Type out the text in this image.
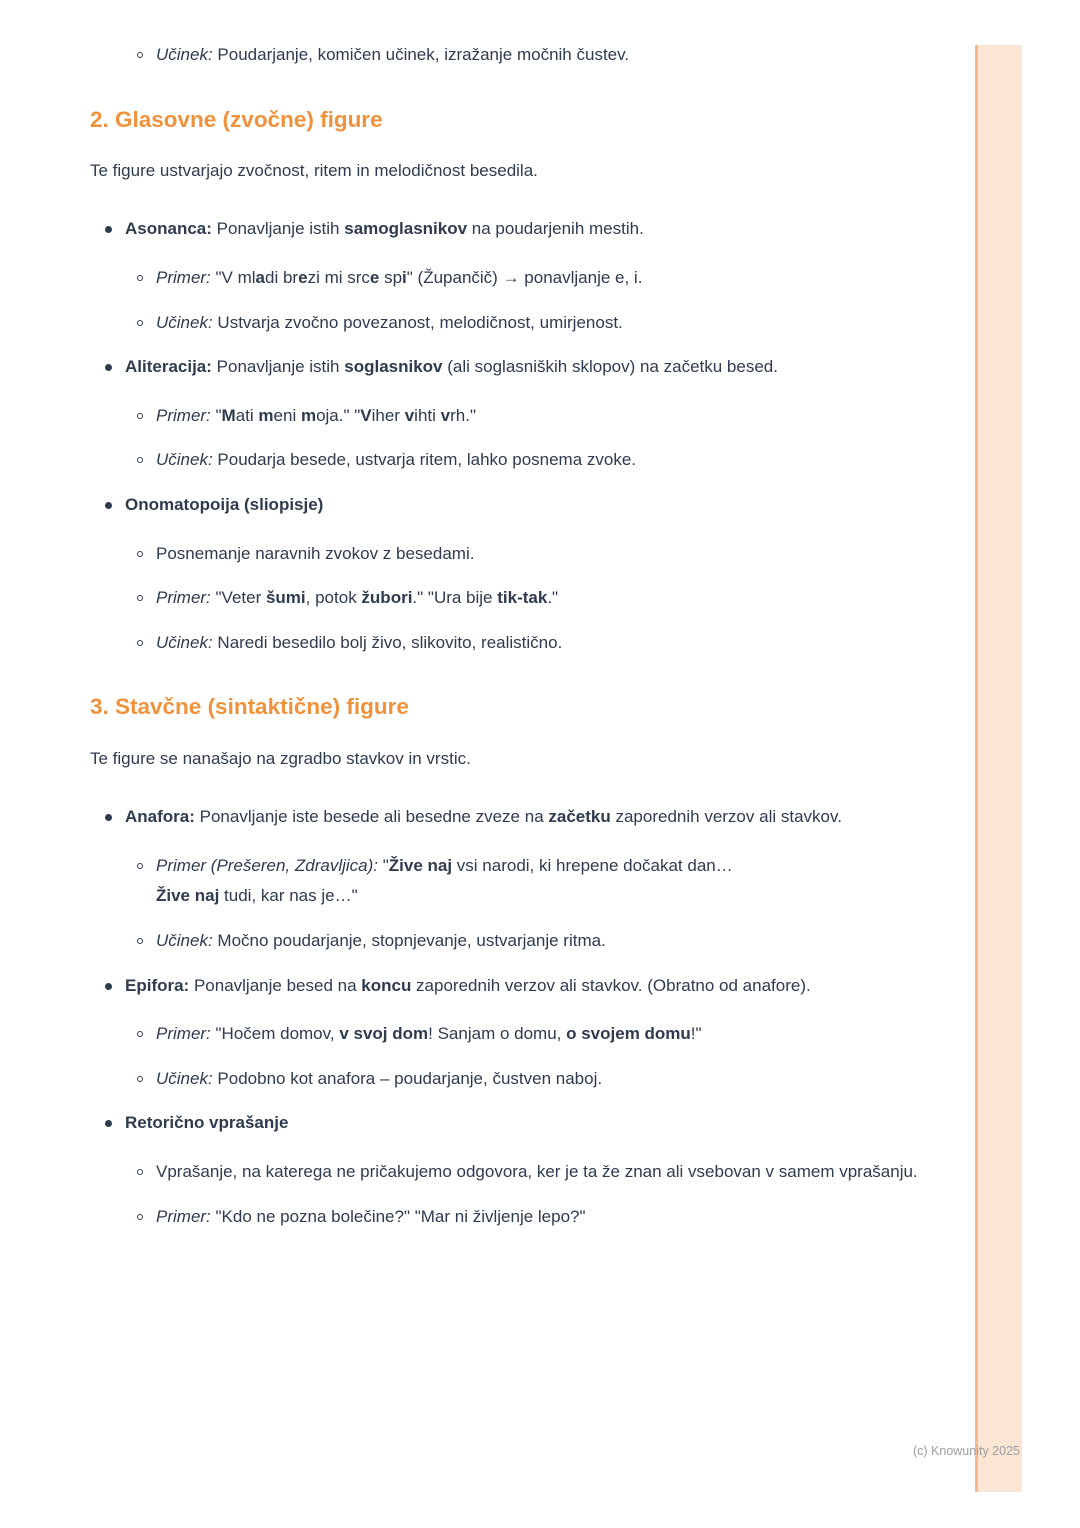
Učinek: Poudarjanje, komičen učinek, izražanje močnih čustev.
2. Glasovne (zvočne) figure

Te figure ustvarjajo zvočnost, ritem in melodičnost besedila.

Asonanca: Ponavljanje istih samoglasnikov na poudarjenih mestih.
Primer: "V mladi brezi mi srce spi" (Župančič) → ponavljanje e, i.
Učinek: Ustvarja zvočno povezanost, melodičnost, umirjenost.
Aliteracija: Ponavljanje istih soglasnikov (ali soglasniških sklopov) na začetku besed.
Primer: "Mati meni moja." "Viher vihti vrh."
Učinek: Poudarja besede, ustvarja ritem, lahko posnema zvoke.
Onomatopoija (sliopisje)
Posnemanje naravnih zvokov z besedami.
Primer: "Veter šumi, potok žubori." "Ura bije tik-tak."
Učinek: Naredi besedilo bolj živo, slikovito, realistično.
3. Stavčne (sintaktične) figure

Te figure se nanašajo na zgradbo stavkov in vrstic.

Anafora: Ponavljanje iste besede ali besedne zveze na začetku zaporednih verzov ali stavkov.
Primer (Prešeren, Zdravljica): "Žive naj vsi narodi, ki hrepene dočakat dan…
Žive naj tudi, kar nas je…"
Učinek: Močno poudarjanje, stopnjevanje, ustvarjanje ritma.
Epifora: Ponavljanje besed na koncu zaporednih verzov ali stavkov. (Obratno od anafore).
Primer: "Hočem domov, v svoj dom! Sanjam o domu, o svojem domu!"
Učinek: Podobno kot anafora – poudarjanje, čustven naboj.
Retorično vprašanje
Vprašanje, na katerega ne pričakujemo odgovora, ker je ta že znan ali vsebovan v samem vprašanju.
Primer: "Kdo ne pozna bolečine?" "Mar ni življenje lepo?"
(c) Knowunity 2025
